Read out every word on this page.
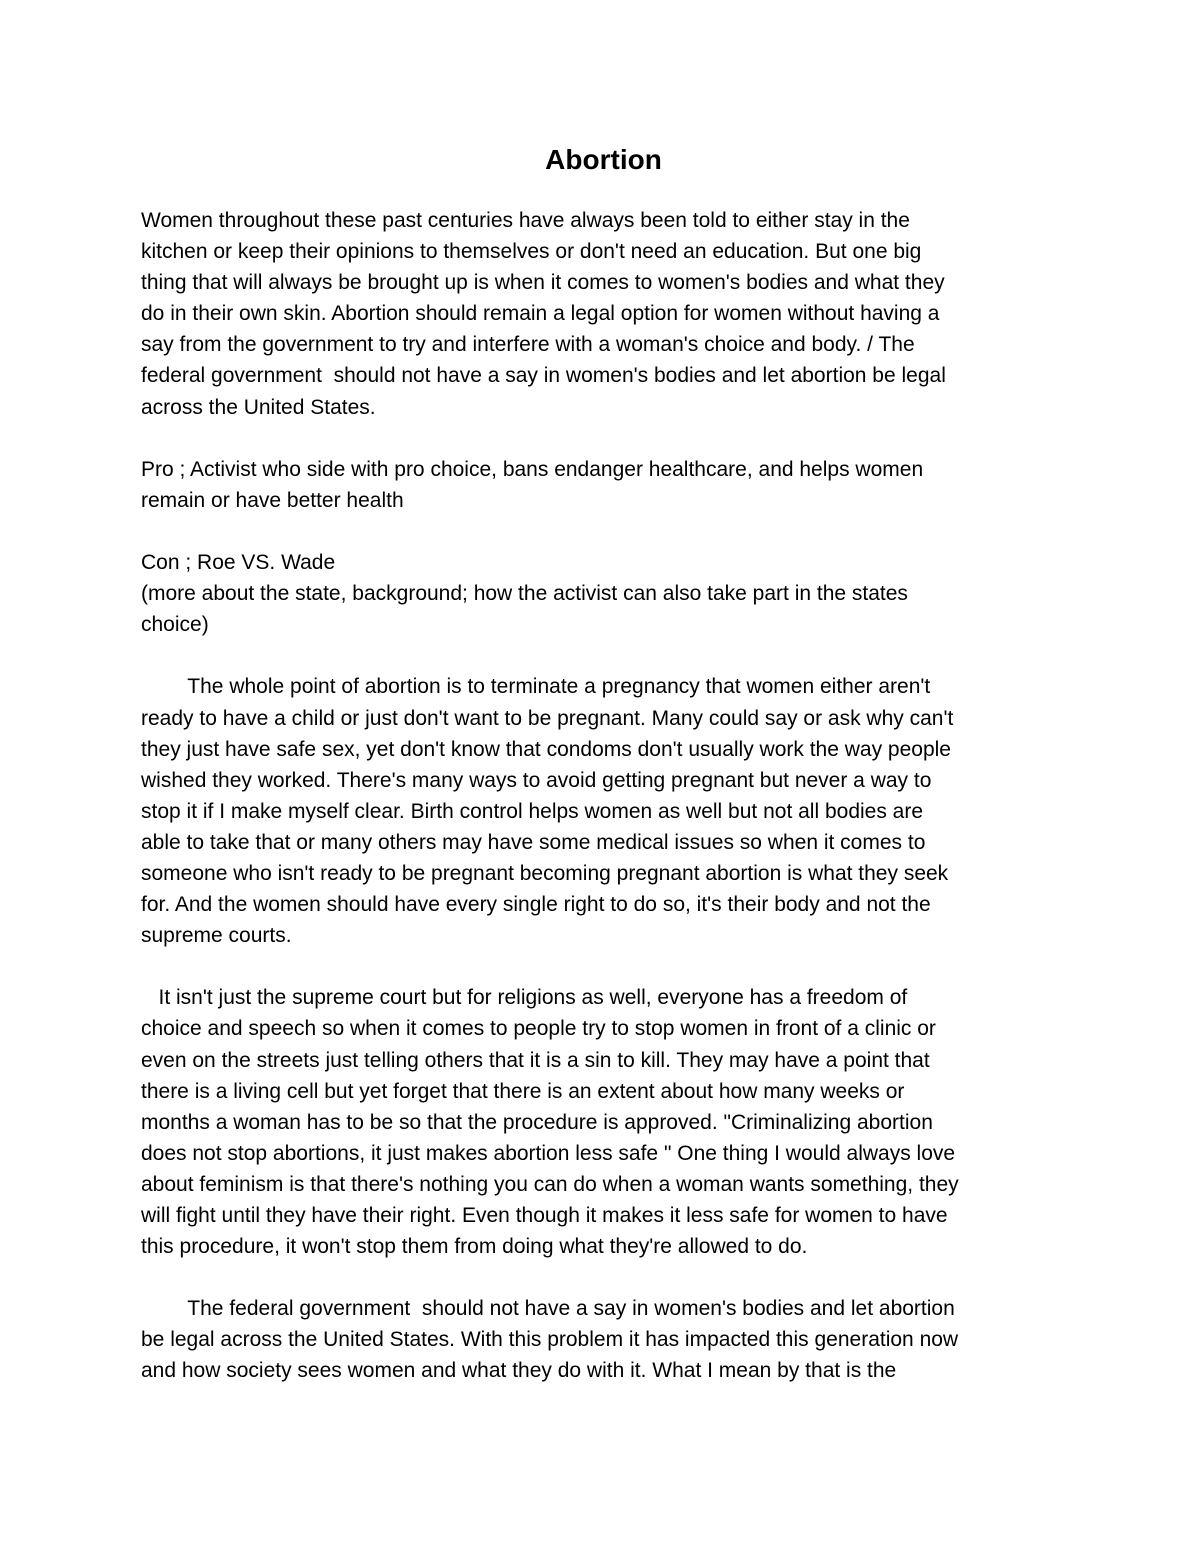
Abortion

Women throughout these past centuries have always been told to either stay in the
kitchen or keep their opinions to themselves or don't need an education. But one big
thing that will always be brought up is when it comes to women's bodies and what they
do in their own skin. Abortion should remain a legal option for women without having a
say from the government to try and interfere with a woman's choice and body. / The
federal government  should not have a say in women's bodies and let abortion be legal
across the United States.

Pro ; Activist who side with pro choice, bans endanger healthcare, and helps women
remain or have better health

Con ; Roe VS. Wade
(more about the state, background; how the activist can also take part in the states
choice)

The whole point of abortion is to terminate a pregnancy that women either aren't
ready to have a child or just don't want to be pregnant. Many could say or ask why can't
they just have safe sex, yet don't know that condoms don't usually work the way people
wished they worked. There's many ways to avoid getting pregnant but never a way to
stop it if I make myself clear. Birth control helps women as well but not all bodies are
able to take that or many others may have some medical issues so when it comes to
someone who isn't ready to be pregnant becoming pregnant abortion is what they seek
for. And the women should have every single right to do so, it's their body and not the
supreme courts.

It isn't just the supreme court but for religions as well, everyone has a freedom of
choice and speech so when it comes to people try to stop women in front of a clinic or
even on the streets just telling others that it is a sin to kill. They may have a point that
there is a living cell but yet forget that there is an extent about how many weeks or
months a woman has to be so that the procedure is approved. "Criminalizing abortion
does not stop abortions, it just makes abortion less safe " One thing I would always love
about feminism is that there's nothing you can do when a woman wants something, they
will fight until they have their right. Even though it makes it less safe for women to have
this procedure, it won't stop them from doing what they're allowed to do.

The federal government  should not have a say in women's bodies and let abortion
be legal across the United States. With this problem it has impacted this generation now
and how society sees women and what they do with it. What I mean by that is the
